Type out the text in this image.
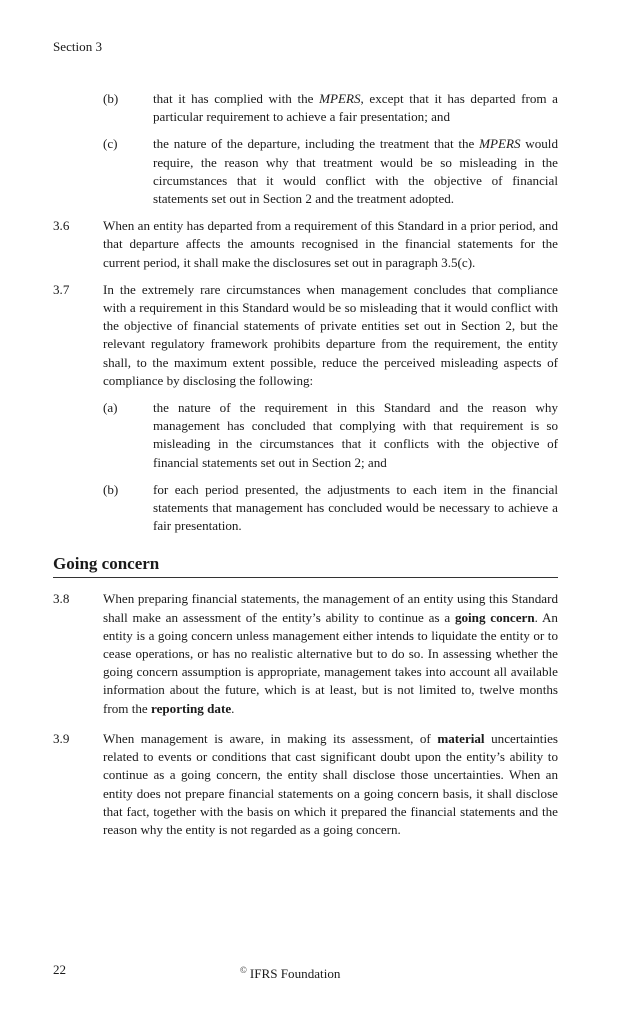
Section 3
(b)	that it has complied with the MPERS, except that it has departed from a particular requirement to achieve a fair presentation; and
(c)	the nature of the departure, including the treatment that the MPERS would require, the reason why that treatment would be so misleading in the circumstances that it would conflict with the objective of financial statements set out in Section 2 and the treatment adopted.
3.6	When an entity has departed from a requirement of this Standard in a prior period, and that departure affects the amounts recognised in the financial statements for the current period, it shall make the disclosures set out in paragraph 3.5(c).
3.7	In the extremely rare circumstances when management concludes that compliance with a requirement in this Standard would be so misleading that it would conflict with the objective of financial statements of private entities set out in Section 2, but the relevant regulatory framework prohibits departure from the requirement, the entity shall, to the maximum extent possible, reduce the perceived misleading aspects of compliance by disclosing the following:
(a)	the nature of the requirement in this Standard and the reason why management has concluded that complying with that requirement is so misleading in the circumstances that it conflicts with the objective of financial statements set out in Section 2; and
(b)	for each period presented, the adjustments to each item in the financial statements that management has concluded would be necessary to achieve a fair presentation.
Going concern
3.8	When preparing financial statements, the management of an entity using this Standard shall make an assessment of the entity’s ability to continue as a going concern. An entity is a going concern unless management either intends to liquidate the entity or to cease operations, or has no realistic alternative but to do so. In assessing whether the going concern assumption is appropriate, management takes into account all available information about the future, which is at least, but is not limited to, twelve months from the reporting date.
3.9	When management is aware, in making its assessment, of material uncertainties related to events or conditions that cast significant doubt upon the entity’s ability to continue as a going concern, the entity shall disclose those uncertainties. When an entity does not prepare financial statements on a going concern basis, it shall disclose that fact, together with the basis on which it prepared the financial statements and the reason why the entity is not regarded as a going concern.
22	© IFRS Foundation
